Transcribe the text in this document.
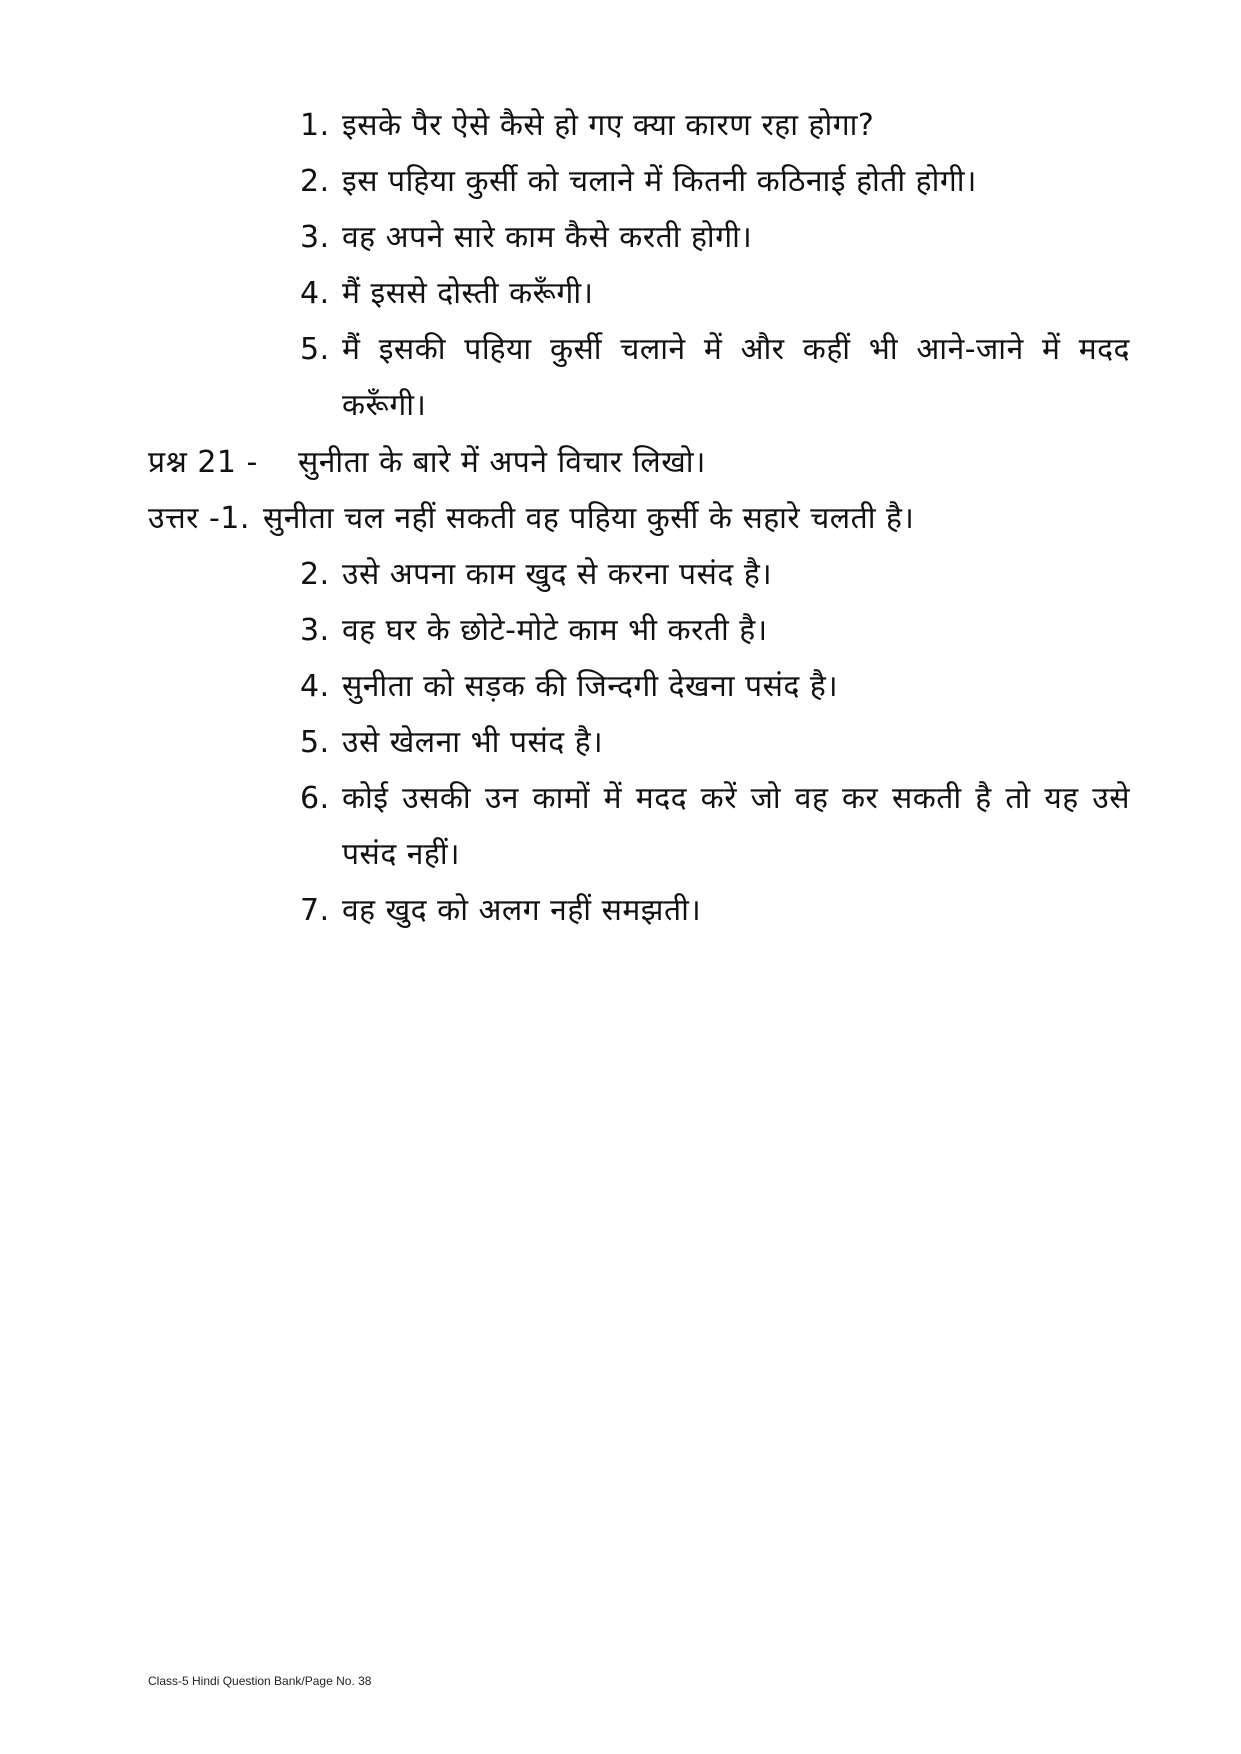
1. इसके पैर ऐसे कैसे हो गए क्या कारण रहा होगा?
2. इस पहिया कुर्सी को चलाने में कितनी कठिनाई होती होगी।
3. वह अपने सारे काम कैसे करती होगी।
4. मैं इससे दोस्ती करूँगी।
5. मैं इसकी पहिया कुर्सी चलाने में और कहीं भी आने-जाने में मदद करूँगी।
प्रश्न 21 - सुनीता के बारे में अपने विचार लिखो।
उत्तर -1. सुनीता चल नहीं सकती वह पहिया कुर्सी के सहारे चलती है।
2. उसे अपना काम खुद से करना पसंद है।
3. वह घर के छोटे-मोटे काम भी करती है।
4. सुनीता को सड़क की जिन्दगी देखना पसंद है।
5. उसे खेलना भी पसंद है।
6. कोई उसकी उन कामों में मदद करें जो वह कर सकती है तो यह उसे पसंद नहीं।
7. वह खुद को अलग नहीं समझती।
Class-5 Hindi Question Bank/Page No. 38
